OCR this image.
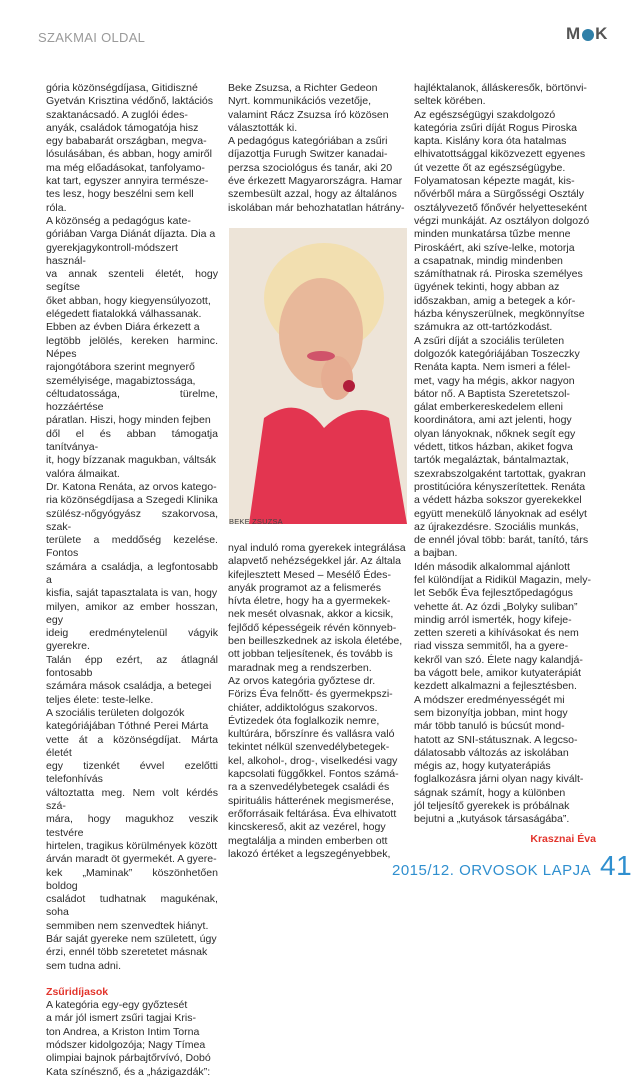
SZAKMAI OLDAL	M K

gória közönségdíjasa, Gitidiszné
Gyetván Krisztina védőnő, laktációs
szaktanácsadó. A zuglói édes-
anyák, családok támogatója hisz
egy bababarát országban, megva-
lósulásában, és abban, hogy amiről
ma még előadásokat, tanfolyamo-
kat tart, egyszer annyira természe-
tes lesz, hogy beszélni sem kell
róla.
A közönség a pedagógus kate-
góriában Varga Diánát díjazta. Dia a
gyerekjagykontroll-módszert használ-
va annak szenteli életét, hogy segítse
őket abban, hogy kiegyensúlyozott,
elégedett fiatalokká válhassanak.
Ebben az évben Diára érkezett a
legtöbb jelölés, kereken harminc. Népes
rajongótábora szerint megnyerő
személyisége, magabiztossága,
céltudatossága, türelme, hozzáértése
páratlan. Hiszi, hogy minden fejben
dől el és abban támogatja tanítványa-
it, hogy bízzanak magukban, váltsák
valóra álmaikat.
Dr. Katona Renáta, az orvos katego-
ria közönségdíjasa a Szegedi Klinika
szülész-nőgyógyász szakorvosa, szak-
területe a meddőség kezelése. Fontos
számára a családja, a legfontosabb a
kisfia, saját tapasztalata is van, hogy
milyen, amikor az ember hosszan, egy
ideig eredménytelenül vágyik gyerekre.
Talán épp ezért, az átlagnál fontosabb
számára mások családja, a betegei
teljes élete: teste-lelke.
A szociális területen dolgozók
kategóriájában Tóthné Perei Márta
vette át a közönségdíjat. Márta életét
egy tizenkét évvel ezelőtti telefonhívás
változtatta meg. Nem volt kérdés szá-
mára, hogy magukhoz veszik testvére
hirtelen, tragikus körülmények között
árván maradt öt gyermekét. A gyere-
kek „Maminak” köszönhetően boldog
családot tudhatnak magukénak, soha
semmiben nem szenvedtek hiányt.
Bár saját gyereke nem született, úgy
érzi, ennél több szeretetet másnak
sem tudna adni.

Zsűridíjasok

A kategória egy-egy győztesét
a már jól ismert zsűri tagjai Kris-
ton Andrea, a Kriston Intim Torna
módszer kidolgozója; Nagy Tímea
olimpiai bajnok párbajtőrvívó, Dobó
Kata színésznő, és a „házigazdák”:

Beke Zsuzsa, a Richter Gedeon
Nyrt. kommunikációs vezetője,
valamint Rácz Zsuzsa író közösen
választották ki.
A pedagógus kategóriában a zsűri
díjazottja Furugh Switzer kanadai-
perzsa szociológus és tanár, aki 20
éve érkezett Magyarországra. Hamar
szembesült azzal, hogy az általános
iskolában már behozhatatlan hátrány-

BEKE ZSUZSA

nyal induló roma gyerekek integrálása
alapvető nehézségekkel jár. Az általa
kifejlesztett Mesed – Mesélő Édes-
anyák programot az a felismerés
hívta életre, hogy ha a gyermekek-
nek mesét olvasnak, akkor a kicsik,
fejlődő képességeik révén könnyeb-
ben beilleszkednek az iskola életébe,
ott jobban teljesítenek, és tovább is
maradnak meg a rendszerben.
Az orvos kategória győztese dr.
Förizs Éva felnőtt- és gyermekpszi-
chiáter, addiktológus szakorvos.
Évtizedek óta foglalkozik nemre,
kultúrára, bőrszínre és vallásra való
tekintet nélkül szenvedélybetegek-
kel, alkohol-, drog-, viselkedési vagy
kapcsolati függőkkel. Fontos számá-
ra a szenvedélybetegek családi és
spirituális hátterének megismerése,
erőforrásaik feltárása. Éva elhivatott
kincskereső, akit az vezérel, hogy
megtalálja a minden emberben ott
lakozó értéket a legszegényebbek,

hajléktalanok, álláskeresők, börtönvi-
seltek körében.
Az egészségügyi szakdolgozó
kategória zsűri díját Rogus Piroska
kapta. Kislány kora óta hatalmas
elhivatottsággal kiközvezett egyenes
út vezette őt az egészségügybe.
Folyamatosan képezte magát, kis-
nővérből mára a Sürgősségi Osztály
osztályvezető főnővér helyetteseként
végzi munkáját. Az osztályon dolgozó
minden munkatársa tűzbe menne
Piroskáért, aki szíve-lelke, motorja
a csapatnak, mindig mindenben
számíthatnak rá. Piroska személyes
ügyének tekinti, hogy abban az
időszakban, amig a betegek a kór-
házba kényszerülnek, megkönnyítse
számukra az ott-tartózkodást.
A zsűri díját a szociális területen
dolgozók kategóriájában Toszeczky
Renáta kapta. Nem ismeri a félel-
met, vagy ha mégis, akkor nagyon
bátor nő. A Baptista Szeretetszol-
gálat emberkereskedelem elleni
koordinátora, ami azt jelenti, hogy
olyan lányoknak, nőknek segít egy
védett, titkos házban, akiket fogva
tartók megaláztak, bántalmaztak,
szexrabszolgaként tartottak, gyakran
prostitúcióra kényszerítettek. Renáta
a védett házba sokszor gyerekekkel
együtt menekülő lányoknak ad esélyt
az újrakezdésre. Szociális munkás,
de ennél jóval több: barát, tanító, társ
a bajban.
Idén második alkalommal ajánlott
fel különdíjat a Ridikül Magazin, mely-
let Sebők Éva fejlesztőpedagógus
vehette át. Az ózdi „Bolyky suliban”
mindig arról ismerték, hogy kifeje-
zetten szereti a kihívásokat és nem
riad vissza semmitől, ha a gyere-
kekről van szó. Élete nagy kalandjá-
ba vágott bele, amikor kutyaterápiát
kezdett alkalmazni a fejlesztésben.
A módszer eredményességét mi
sem bizonyítja jobban, mint hogy
már több tanuló is búcsút mond-
hatott az SNI-státusznak. A legcso-
dálatosabb változás az iskolában
mégis az, hogy kutyaterápiás
foglalkozásra járni olyan nagy kivált-
ságnak számít, hogy a különben
jól teljesítő gyerekek is próbálnak
bejutni a „kutyások társaságába”.

Krasznai Éva

2015/12. ORVOSOK LAPJA 41
